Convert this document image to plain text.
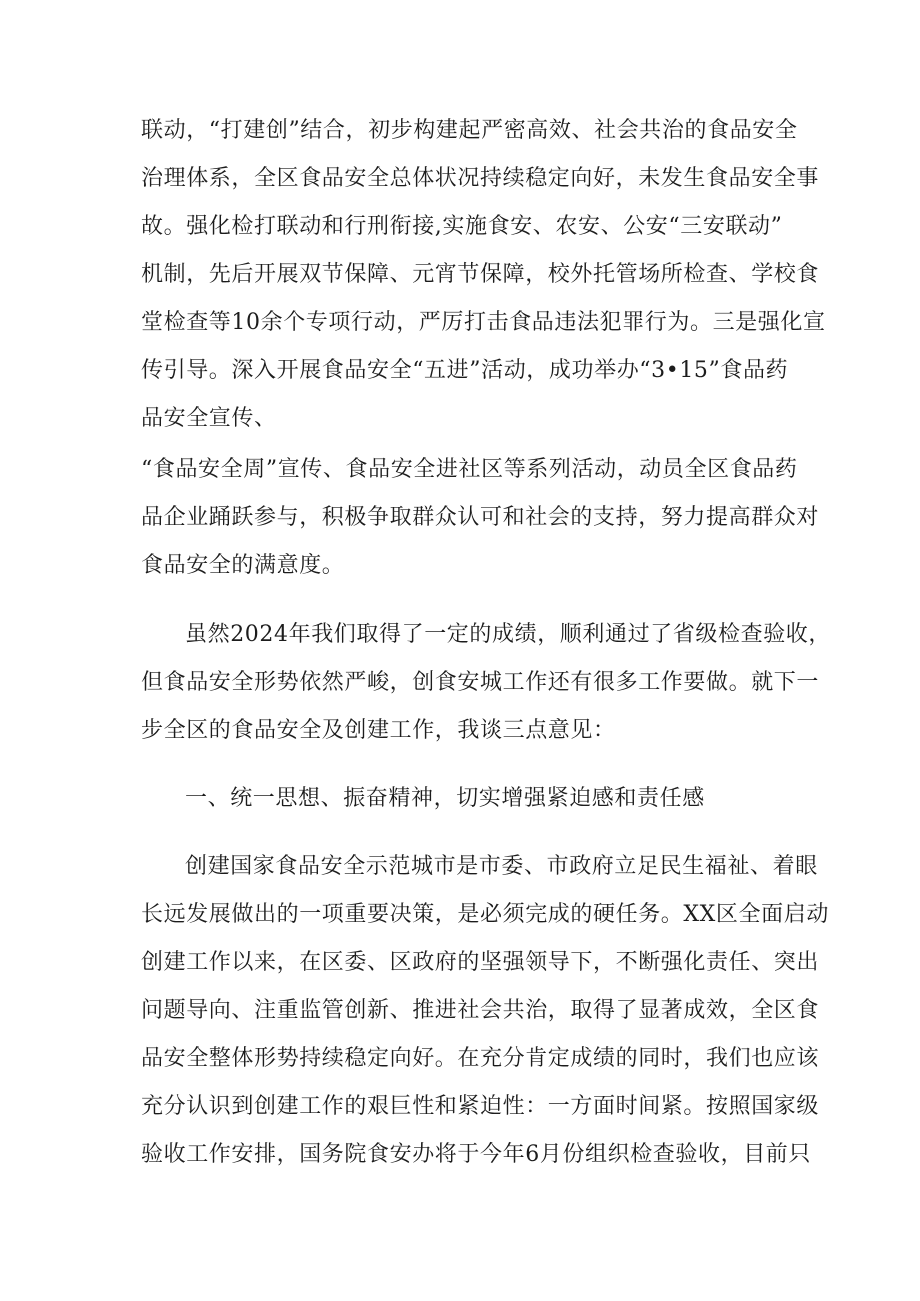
联动，“打建创”结合，初步构建起严密高效、社会共治的食品安全
治理体系，全区食品安全总体状况持续稳定向好，未发生食品安全事
故。强化检打联动和行刑衔接,实施食安、农安、公安“三安联动”
机制，先后开展双节保障、元宵节保障，校外托管场所检查、学校食
堂检查等10余个专项行动，严厉打击食品违法犯罪行为。三是强化宣
传引导。深入开展食品安全“五进”活动，成功举办“3•15”食品药
品安全宣传、
“食品安全周”宣传、食品安全进社区等系列活动，动员全区食品药
品企业踊跃参与，积极争取群众认可和社会的支持，努力提高群众对
食品安全的满意度。
虽然2024年我们取得了一定的成绩，顺利通过了省级检查验收，
但食品安全形势依然严峻，创食安城工作还有很多工作要做。就下一
步全区的食品安全及创建工作，我谈三点意见：
一、统一思想、振奋精神，切实增强紧迫感和责任感
创建国家食品安全示范城市是市委、市政府立足民生福祉、着眼
长远发展做出的一项重要决策，是必须完成的硬任务。XX区全面启动
创建工作以来，在区委、区政府的坚强领导下，不断强化责任、突出
问题导向、注重监管创新、推进社会共治，取得了显著成效，全区食
品安全整体形势持续稳定向好。在充分肯定成绩的同时，我们也应该
充分认识到创建工作的艰巨性和紧迫性：一方面时间紧。按照国家级
验收工作安排，国务院食安办将于今年6月份组织检查验收，目前只
